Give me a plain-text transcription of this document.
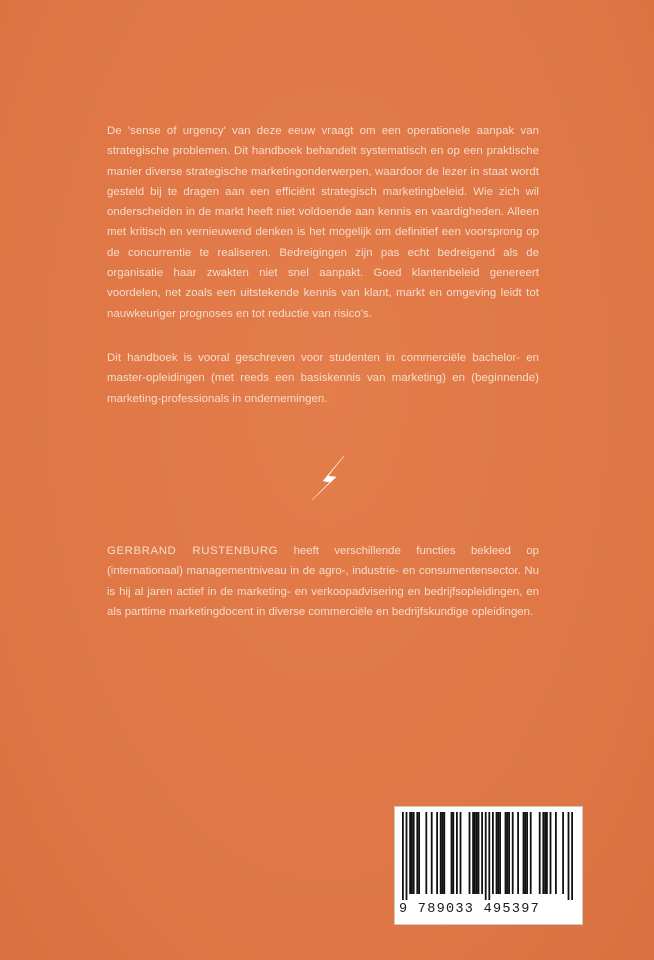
De 'sense of urgency' van deze eeuw vraagt om een operationele aanpak van strategische problemen. Dit handboek behandelt systematisch en op een praktische manier diverse strategische marketingonderwerpen, waardoor de lezer in staat wordt gesteld bij te dragen aan een efficiënt strategisch marketingbeleid. Wie zich wil onderscheiden in de markt heeft niet voldoende aan kennis en vaardigheden. Alleen met kritisch en vernieuwend denken is het mogelijk om definitief een voorsprong op de concurrentie te realiseren. Bedreigingen zijn pas echt bedreigend als de organisatie haar zwakten niet snel aanpakt. Goed klantenbeleid genereert voordelen, net zoals een uitstekende kennis van klant, markt en omgeving leidt tot nauwkeuriger prognoses en tot reductie van risico's.

Dit handboek is vooral geschreven voor studenten in commerciële bachelor- en master-opleidingen (met reeds een basiskennis van marketing) en (beginnende) marketing-professionals in ondernemingen.

GERBRAND RUSTENBURG heeft verschillende functies bekleed op (internationaal) managementniveau in de agro-, industrie- en consumentensector. Nu is hij al jaren actief in de marketing- en verkoopadvisering en bedrijfsopleidingen, en als parttime marketingdocent in diverse commerciële en bedrijfskundige opleidingen.

9 789033 495397
